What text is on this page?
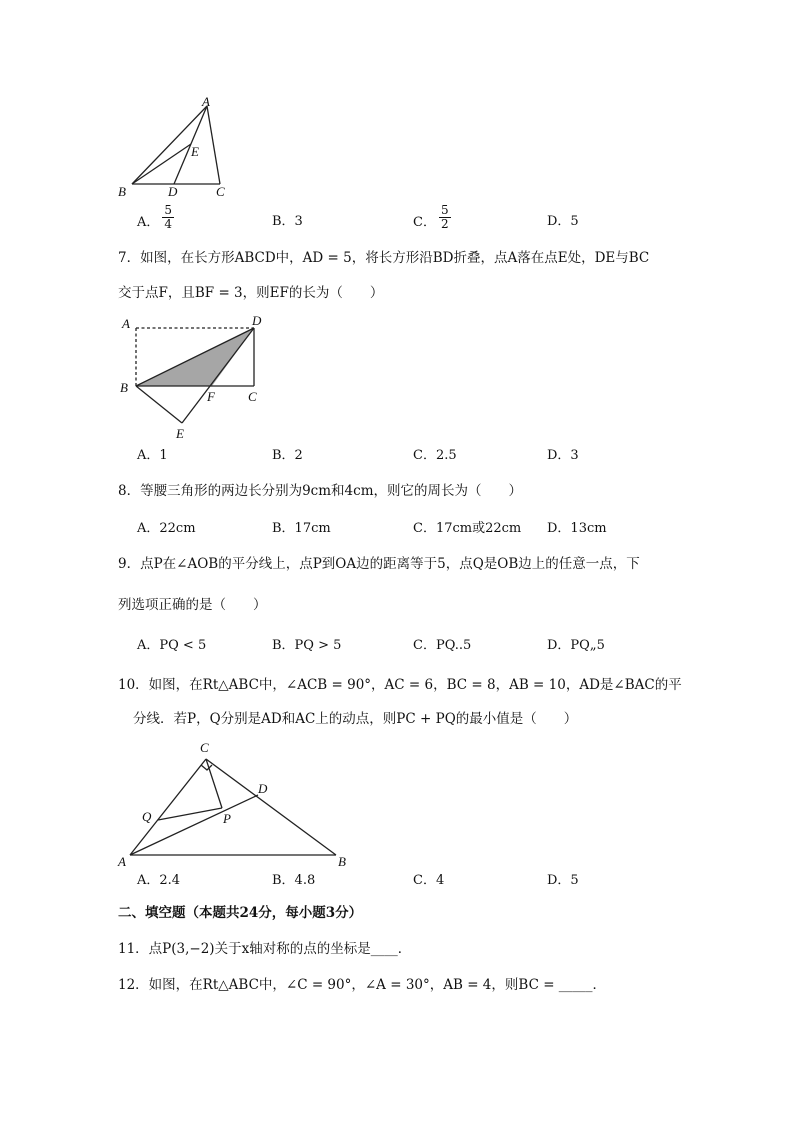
A
E
B	D	C
A． $\frac{5}{4}$	B．3	C． $\frac{5}{2}$	D．5
7．如图，在长方形ABCD中，AD = 5，将长方形沿BD折叠，点A落在点E处，DE与BC
交于点F，且BF = 3，则EF的长为（　　）
A	D
B
F	C
E
A．1	B．2	C．2.5	D．3
8．等腰三角形的两边长分别为9cm和4cm，则它的周长为（　　）
A．22cm	B．17cm	C．17cm或22cm D．13cm
9．点P在∠AOB的平分线上，点P到OA边的距离等于5，点Q是OB边上的任意一点，下
列选项正确的是（　　）
A．PQ < 5	B．PQ > 5	C．PQ..5	D．PQ„5
10．如图，在Rt△ABC中，∠ACB = 90°，AC = 6，BC = 8，AB = 10，AD是∠BAC的平
分线．若P，Q分别是AD和AC上的动点，则PC + PQ的最小值是（　　）
C
D
Q	P
A	B
A．2.4	B．4.8	C．4	D．5
二、填空题（本题共24分，每小题3分）
11．点P(3,−2)关于x轴对称的点的坐标是____．
12．如图，在Rt△ABC中，∠C = 90°，∠A = 30°，AB = 4，则BC = _____．
